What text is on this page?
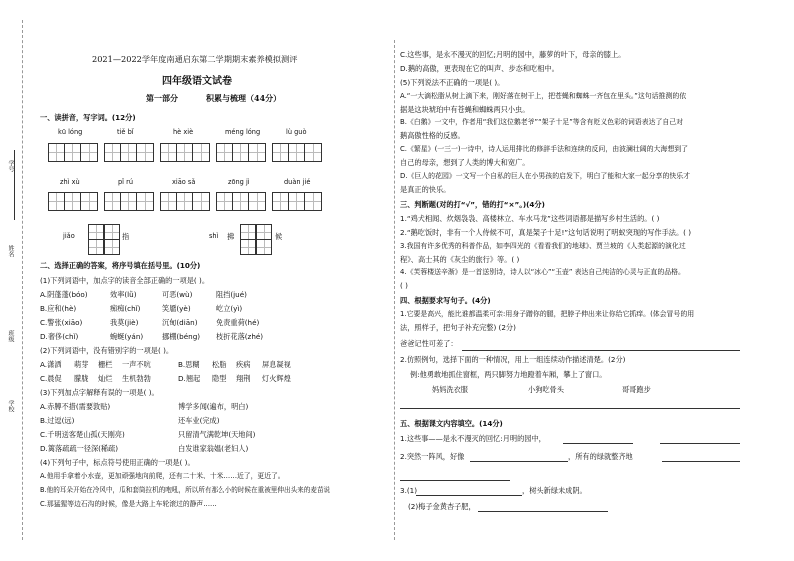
学号
姓名
班级
学校
2021—2022学年度南通启东第二学期期末素养模拟测评
四年级语文试卷
第一部分	积累与梳理（44分）
一、读拼音，写字词。(12分)
kū lóng	tiě bǐ	hè xiè	méng lóng	lù guò
zhì xù	pǐ rú	xiāo sǎ	zōng jì	duàn jié
jiǎo	指	shì 拂	候
二、选择正确的答案，将序号填在括号里。(10分)
(1)下列词语中，加点字的读音全部正确的一项是( )。
A.阴蓬蓬(bóo)	效率(lǜ)	可恶(wù)	阻挡(jué)
B.应和(hè)	痴痴(chǐ)	笑靥(yè)	屹立(yì)
C.警张(xiāo)	我莫(jiè)	沉甸(diān)	免责重荷(hé)
D.奢侈(chǐ)	蜿蜒(yán)	挪棚(béng) 枝折花落(zhé)
(2)下列词语中，没有错别字的一项是( )。
A.潇洒 萌芽 栅栏 一声不吭	B.思糊 松脂 疾病 屏息凝视
C.晨促 朦胧 灿烂 生机勃勃	D.翘起 隐型 翔荆 灯火辉煌
(3)下列加点字解释有误的一项是( )。
A.赤膊不措(需要敦贴)	博学多闻(遍布，明白)
B.过逗(远)	还车业(完成)
C.千明送客楚山孤(天刚亮)	只留清气满乾坤(天地间)
D.篱落疏疏一径深(稀疏)	白发谁家翁媪(老妇人)
(4)下列句子中，标点符号使用正确的一项是( )。
A.他用手拿着小水壶，更加顽强地向前爬，还有二十米、十米……近了，更近了。
B.他的耳朵开始在冷风中，瓜和套筒拉机的咆吼，所以所有那么小的时候在重被里伸出头来的麦苗说
C.那猛猩等边石沟的时候，像是大路上车轮滚过的静声……
C.这些事，是永不漫灭的回忆;月明的园中，藤萝的叶下，母亲的膝上。
D.鹅的高傲，更表现在它的叫声、步态和吃相中。
(5)下列说法不正确的一项是( )。
A.“一大滴松脂从树上滴下来，刚好落在树干上，把苍蝇和蜘蛛一齐包在里头。”这句话推测的依
据是这块琥珀中有苍蝇和蜘蛛两只小虫。
B.《白鹅》一文中，作者用“我们这位鹅老爷”“架子十足”等含有贬义色彩的词语表达了自己对
鹅高傲性格的反感。
C.《繁星》(一三一)一诗中，诗人运用排比的修辞手法和连续的反问，由波澜壮阔的大海想到了
自己的母亲，想到了人类的博大和宽广。
D.《巨人的花园》一文写一个自私的巨人在小男孩的启发下，明白了能和大家一起分享的快乐才
是真正的快乐。
三、判断题(对的打“√”，错的打“×”。)(4分)
1.“鸡犬相闻、炊烟袅袅、高楼林立、车水马龙”这些词语都是描写乡村生活的。( )
2.“鹅吃饭时，非有一个人侍候不可，真是架子十足!”这句话说明了明蚁突现的写作手法。( )
3.我国有许多优秀的科普作品，如李四光的《看看我们的地球》、贾兰坡的《人类起源的演化过
程》、高士其的《灰尘的旅行》等。( )
4.《芙蓉楼送辛渐》是一首送别诗，诗人以“冰心”“玉壶” 表达自己纯洁的心灵与正直的品格。
( )
四、根据要求写句子。(4分)
1.它要是高兴，能比谁都温柔可亲:用身子蹭你的腿，把脖子伸出来让你给它抓痒。(体会冒号的用
法，照样子，把句子补充完整) (2分)
爸爸记性可差了：
2.仿照例句，选择下面的一种情况，用上一组连续动作描述清楚。(2分)
例:他勇敢地抓住窗框，两只脚努力地蹬着车厢，攀上了窗口。
妈妈洗衣服	小狗吃骨头	哥哥跑步
五、根据课文内容填空。(14分)
1.这些事——是永不漫灭的回忆:月明的园中，
2.突然一阵风，好像	，所有的绿就整齐地
3.(1)	，树头新绿未成阴。
(2)梅子金黄杏子肥，
